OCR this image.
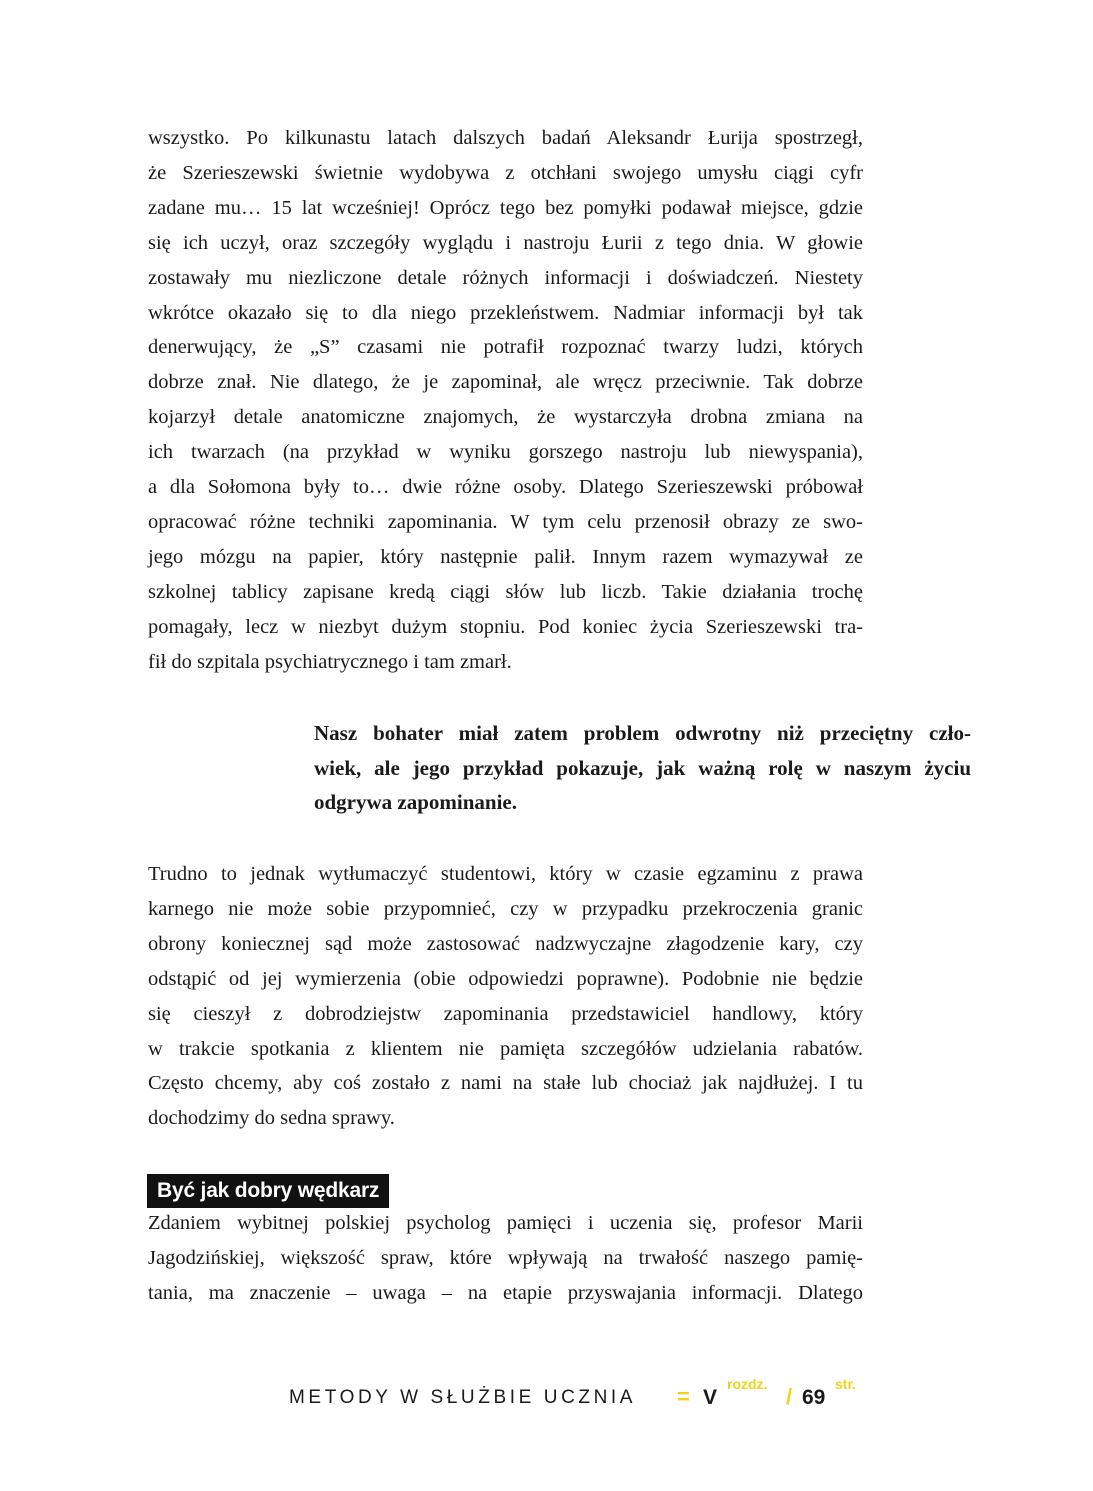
wszystko. Po kilkunastu latach dalszych badań Aleksandr Łurija spostrzegł,
że Szerieszewski świetnie wydobywa z otchłani swojego umysłu ciągi cyfr
zadane mu… 15 lat wcześniej! Oprócz tego bez pomyłki podawał miejsce, gdzie
się ich uczył, oraz szczegóły wyglądu i nastroju Łurii z tego dnia. W głowie
zostawały mu niezliczone detale różnych informacji i doświadczeń. Niestety
wkrótce okazało się to dla niego przekleństwem. Nadmiar informacji był tak
denerwujący, że „S” czasami nie potrafił rozpoznać twarzy ludzi, których
dobrze znał. Nie dlatego, że je zapominał, ale wręcz przeciwnie. Tak dobrze
kojarzył detale anatomiczne znajomych, że wystarczyła drobna zmiana na
ich twarzach (na przykład w wyniku gorszego nastroju lub niewyspania),
a dla Sołomona były to… dwie różne osoby. Dlatego Szerieszewski próbował
opracować różne techniki zapominania. W tym celu przenosił obrazy ze swo-
jego mózgu na papier, który następnie palił. Innym razem wymazywał ze
szkolnej tablicy zapisane kredą ciągi słów lub liczb. Takie działania trochę
pomagały, lecz w niezbyt dużym stopniu. Pod koniec życia Szerieszewski tra-
fił do szpitala psychiatrycznego i tam zmarł.

Nasz bohater miał zatem problem odwrotny niż przeciętny czło-
wiek, ale jego przykład pokazuje, jak ważną rolę w naszym życiu
odgrywa zapominanie.

Trudno to jednak wytłumaczyć studentowi, który w czasie egzaminu z prawa
karnego nie może sobie przypomnieć, czy w przypadku przekroczenia granic
obrony koniecznej sąd może zastosować nadzwyczajne złagodzenie kary, czy
odstąpić od jej wymierzenia (obie odpowiedzi poprawne). Podobnie nie będzie
się cieszył z dobrodziejstw zapominania przedstawiciel handlowy, który
w trakcie spotkania z klientem nie pamięta szczegółów udzielania rabatów.
Często chcemy, aby coś zostało z nami na stałe lub chociaż jak najdłużej. I tu
dochodzimy do sedna sprawy.

Być jak dobry wędkarz

Zdaniem wybitnej polskiej psycholog pamięci i uczenia się, profesor Marii
Jagodzińskiej, większość spraw, które wpływają na trwałość naszego pamię-
tania, ma znaczenie – uwaga – na etapie przyswajania informacji. Dlatego

METODY W SŁUŻBIE UCZNIA = V
rozdz. / 69
str.
